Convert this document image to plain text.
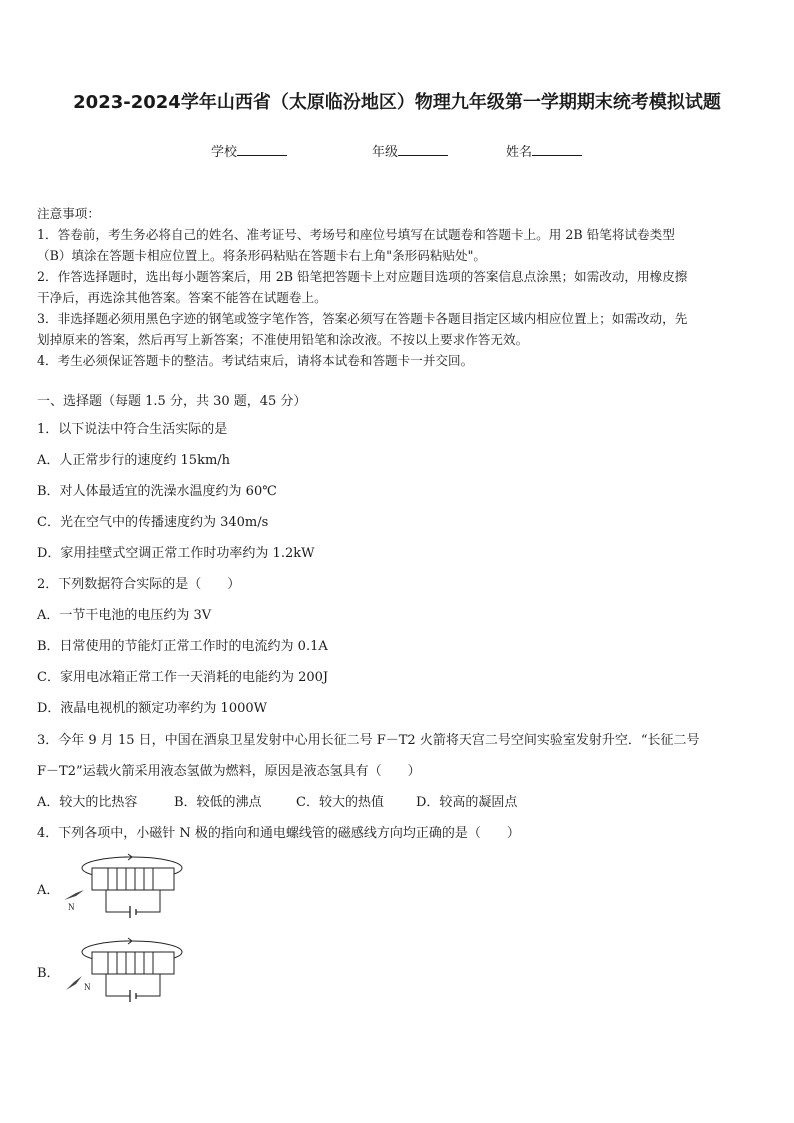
2023-2024学年山西省（太原临汾地区）物理九年级第一学期期末统考模拟试题
学校	年级	姓名
注意事项：
1．答卷前，考生务必将自己的姓名、准考证号、考场号和座位号填写在试题卷和答题卡上。用 2B 铅笔将试卷类型
（B）填涂在答题卡相应位置上。将条形码粘贴在答题卡右上角"条形码粘贴处"。
2．作答选择题时，选出每小题答案后，用 2B 铅笔把答题卡上对应题目选项的答案信息点涂黑；如需改动，用橡皮擦
干净后，再选涂其他答案。答案不能答在试题卷上。
3．非选择题必须用黑色字迹的钢笔或签字笔作答，答案必须写在答题卡各题目指定区域内相应位置上；如需改动，先
划掉原来的答案，然后再写上新答案；不准使用铅笔和涂改液。不按以上要求作答无效。
4．考生必须保证答题卡的整洁。考试结束后，请将本试卷和答题卡一并交回。
一、选择题（每题 1.5 分，共 30 题，45 分）
1．以下说法中符合生活实际的是
A．人正常步行的速度约 15km/h
B．对人体最适宜的洗澡水温度约为 60℃
C．光在空气中的传播速度约为 340m/s
D．家用挂壁式空调正常工作时功率约为 1.2kW
2．下列数据符合实际的是（　　）
A．一节干电池的电压约为 3V
B．日常使用的节能灯正常工作时的电流约为 0.1A
C．家用电冰箱正常工作一天消耗的电能约为 200J
D．液晶电视机的额定功率约为 1000W
3．今年 9 月 15 日，中国在酒泉卫星发射中心用长征二号 F－T2 火箭将天宫二号空间实验室发射升空．“长征二号
F－T2”运载火箭采用液态氢做为燃料，原因是液态氢具有（　　）
A．较大的比热容	B．较低的沸点	C．较大的热值 D．较高的凝固点
4．下列各项中，小磁针 N 极的指向和通电螺线管的磁感线方向均正确的是（　　）
A．
N
B．
N
